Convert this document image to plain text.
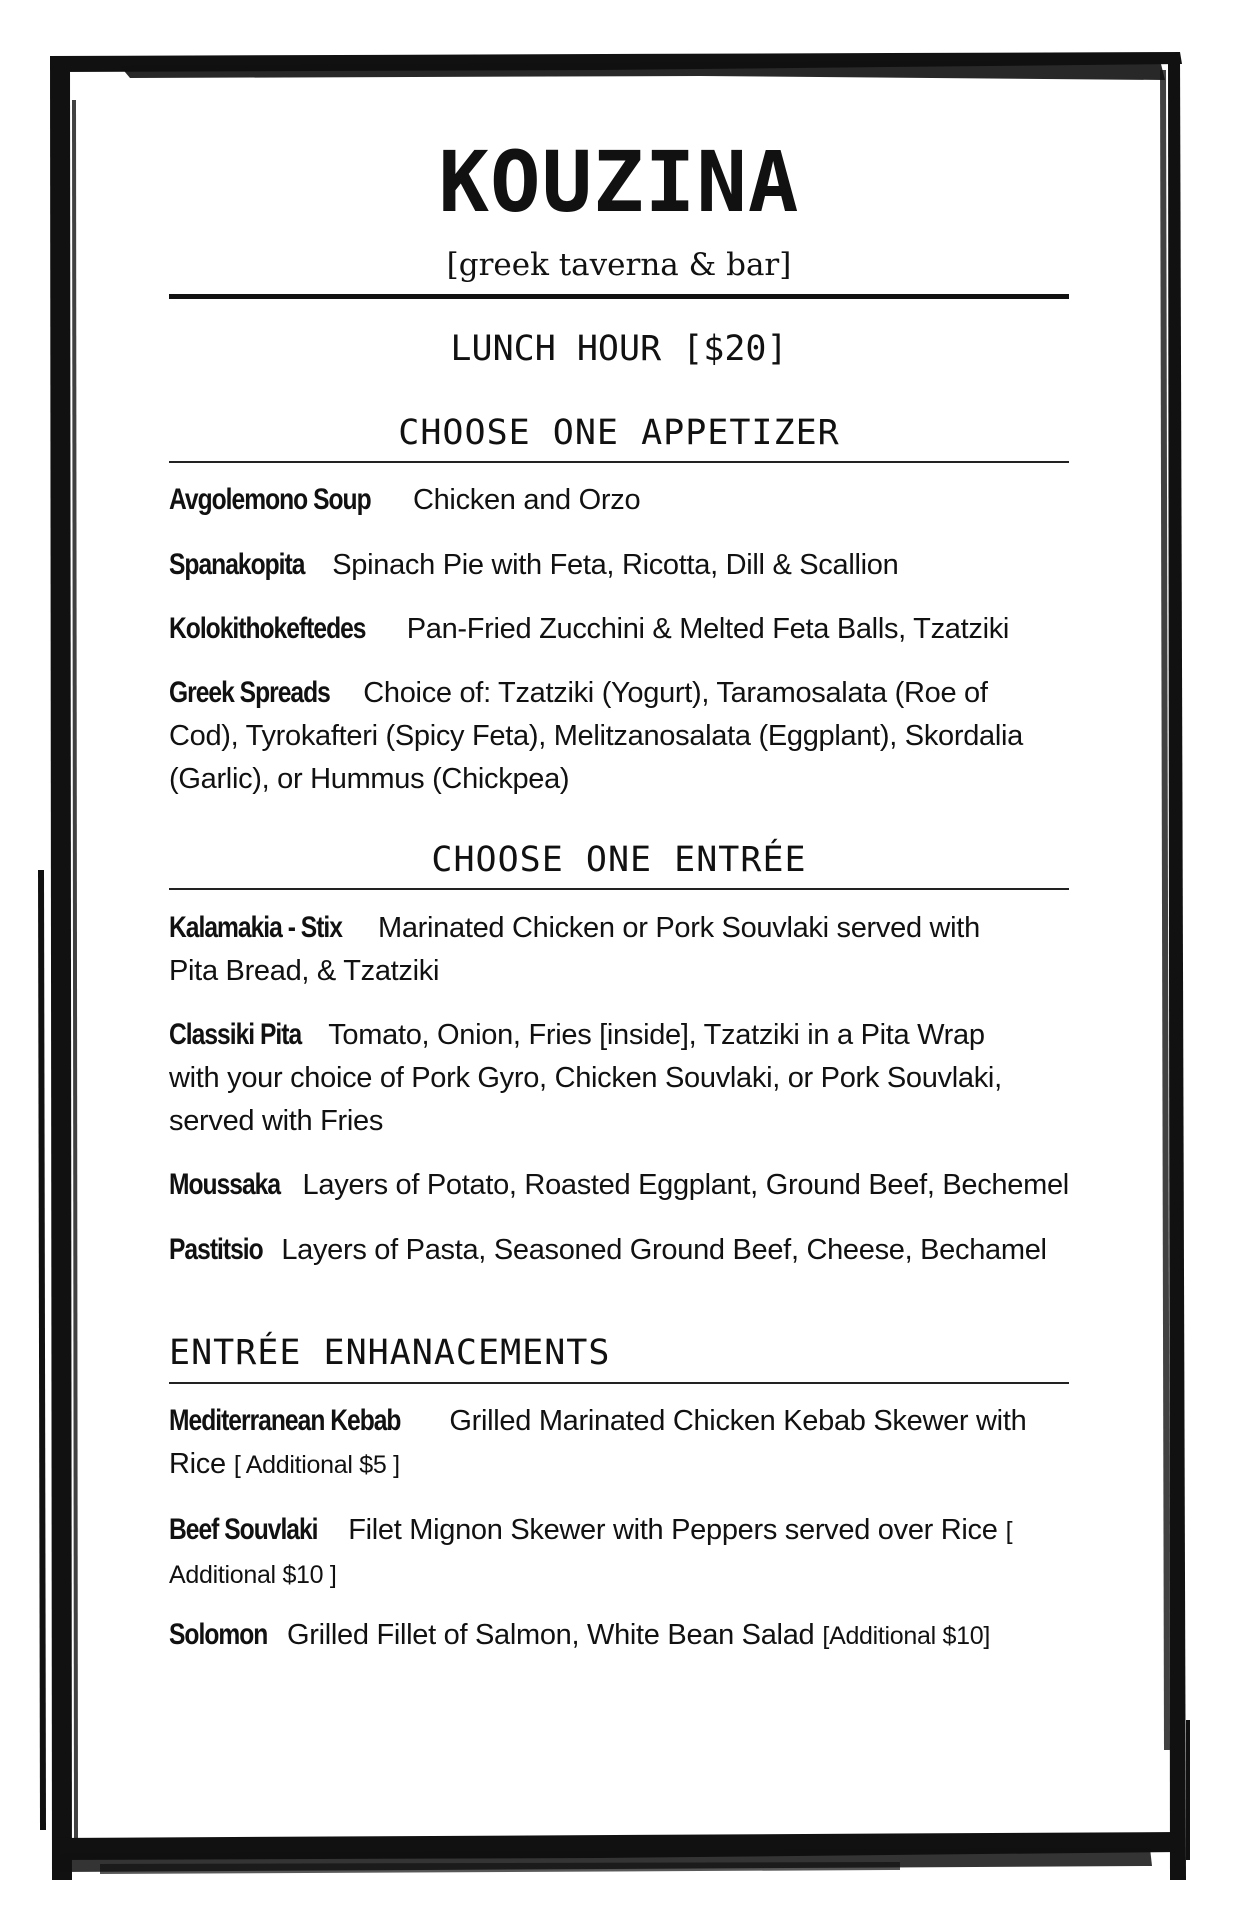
KOUZINA
[greek taverna & bar]
LUNCH HOUR [$20]
CHOOSE ONE APPETIZER
Avgolemono Soup Chicken and Orzo
Spanakopita Spinach Pie with Feta, Ricotta, Dill & Scallion
Kolokithokeftedes Pan-Fried Zucchini & Melted Feta Balls, Tzatziki
Greek Spreads Choice of: Tzatziki (Yogurt), Taramosalata (Roe of Cod), Tyrokafteri (Spicy Feta), Melitzanosalata (Eggplant), Skordalia (Garlic), or Hummus (Chickpea)
CHOOSE ONE ENTRÉE
Kalamakia - Stix Marinated Chicken or Pork Souvlaki served with Pita Bread, & Tzatziki
Classiki Pita Tomato, Onion, Fries [inside], Tzatziki in a Pita Wrap with your choice of Pork Gyro, Chicken Souvlaki, or Pork Souvlaki, served with Fries
Moussaka Layers of Potato, Roasted Eggplant, Ground Beef, Bechemel
Pastitsio Layers of Pasta, Seasoned Ground Beef, Cheese, Bechamel
ENTRÉE ENHANACEMENTS
Mediterranean Kebab Grilled Marinated Chicken Kebab Skewer with Rice [ Additional $5 ]
Beef Souvlaki Filet Mignon Skewer with Peppers served over Rice [ Additional $10 ]
Solomon Grilled Fillet of Salmon, White Bean Salad [Additional $10]
